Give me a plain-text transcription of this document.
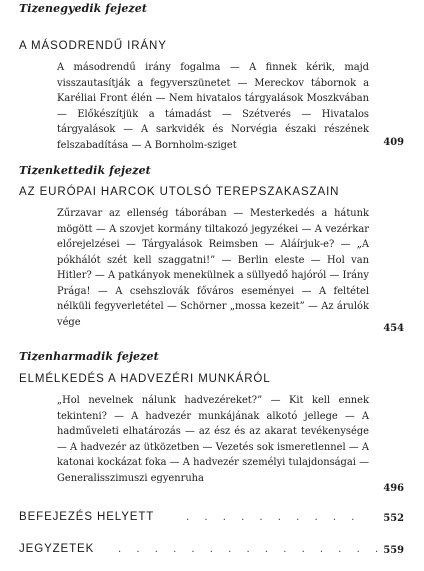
Tizenegyedik fejezet
A MÁSODRENDŰ IRÁNY
A másodrendű irány fogalma — A finnek kérik, majd visszautasítják a fegyverszünetet — Mereckov tábornok a Karéliai Front élén — Nem hivatalos tárgyalások Moszkvában — Előkészítjük a támadást — Szétverés — Hivatalos tárgyalások — A sarkvidék és Norvégia északi részének felszabadítása — A Bornholm-sziget	409
Tizenkettedik fejezet
AZ EURÓPAI HARCOK UTOLSÓ TEREPSZAKASZAIN
Zűrzavar az ellenség táborában — Mesterkedés a hátunk mögött — A szovjet kormány tiltakozó jegyzékei — A vezérkar előrejelzései — Tárgyalások Reimsben — Aláírjuk-e? — „A pókhálót szét kell szaggatni!” — Berlin eleste — Hol van Hitler? — A patkányok menekülnek a süllyedő hajóról — Irány Prága! — A csehszlovák főváros eseményei — A feltétel nélküli fegyverletétel — Schörner „mossa kezeit” — Az árulók vége
454
Tizenharmadik fejezet
ELMÉLKEDÉS A HADVEZÉRI MUNKÁRÓL
„Hol nevelnek nálunk hadvezéreket?” — Kit kell ennek tekinteni? — A hadvezér munkájának alkotó jellege — A hadműveleti elhatározás — az ész és az akarat tevékenysége — A hadvezér az ütközetben — Vezetés sok ismeretlennel — A katonai kockázat foka — A hadvezér személyi tulajdonságai — Generalisszimuszi egyenruha
496
BEFEJEZÉS HELYETT	. . . . . . . . . . 552
JEGYZETEK . . . . . . . . . . . . . . . 559
